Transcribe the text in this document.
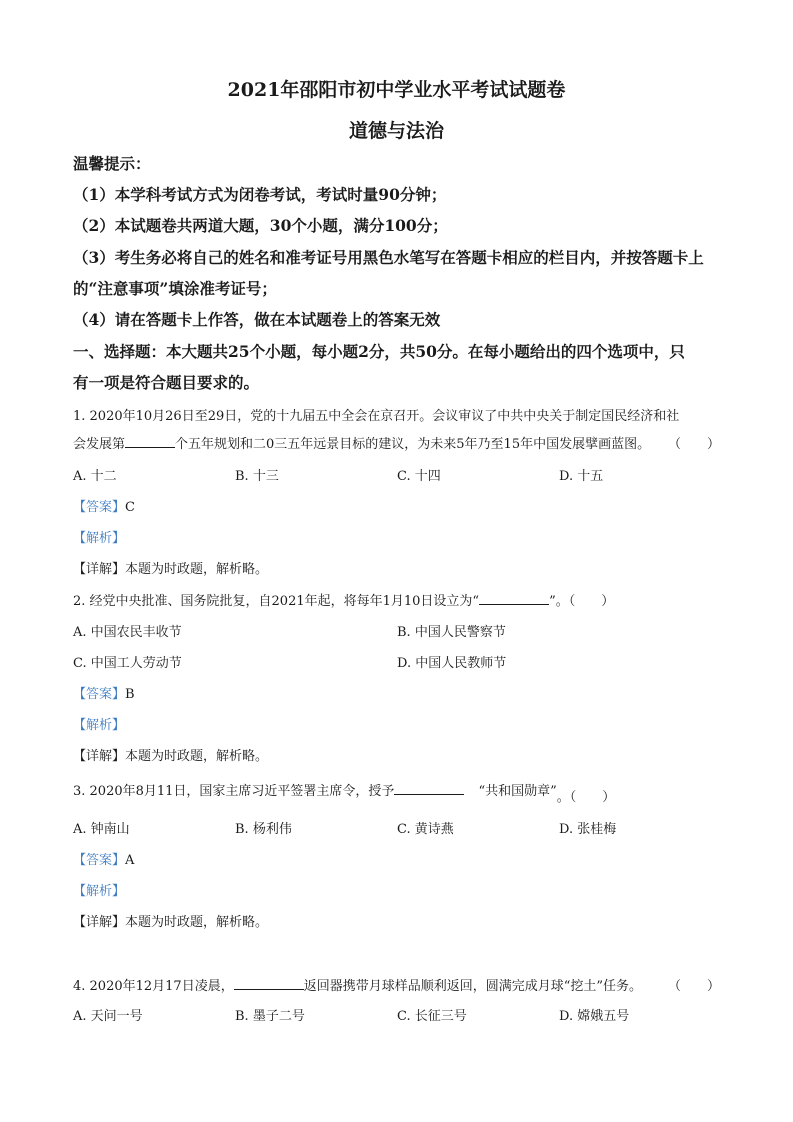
2021年邵阳市初中学业水平考试试题卷
道德与法治
温馨提示：
（1）本学科考试方式为闭卷考试，考试时量90分钟；
（2）本试题卷共两道大题，30个小题，满分100分；
（3）考生务必将自己的姓名和准考证号用黑色水笔写在答题卡相应的栏目内，并按答题卡上
的“注意事项”填涂准考证号；
（4）请在答题卡上作答，做在本试题卷上的答案无效
一、选择题：本大题共25个小题，每小题2分，共50分。在每小题给出的四个选项中，只
有一项是符合题目要求的。
1. 2020年10月26日至29日，党的十九届五中全会在京召开。会议审议了中共中央关于制定国民经济和社
会发展第	个五年规划和二0三五年远景目标的建议，为未来5年乃至15年中国发展擘画蓝图。 （　　）
A. 十二	B. 十三	C. 十四	D. 十五
【答案】C
【解析】
【详解】本题为时政题，解析略。
2. 经党中央批准、国务院批复，自2021年起，将每年1月10日设立为“	”。（　　）
A. 中国农民丰收节	B. 中国人民警察节
C. 中国工人劳动节	D. 中国人民教师节
【答案】B
【解析】
【详解】本题为时政题，解析略。
3. 2020年8月11日，国家主席习近平签署主席令，授予	“共和国勋章”。（　　）
A. 钟南山	B. 杨利伟	C. 黄诗燕	D. 张桂梅
【答案】A
【解析】
【详解】本题为时政题，解析略。
4. 2020年12月17日凌晨，	返回器携带月球样品顺利返回，圆满完成月球“挖土”任务。 （　　）
A. 天问一号	B. 墨子二号	C. 长征三号	D. 嫦娥五号
